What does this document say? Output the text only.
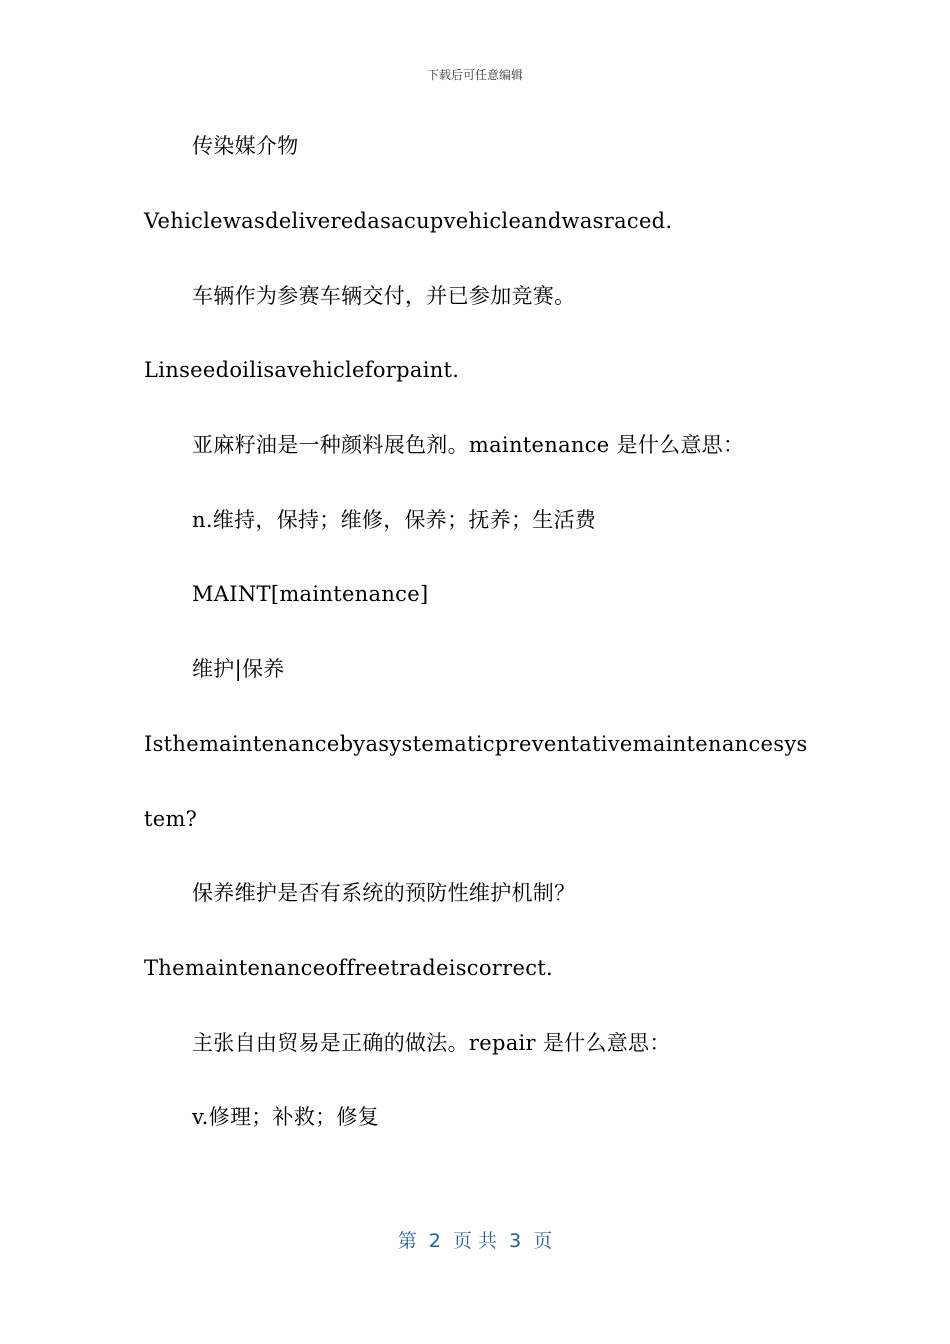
下载后可任意编辑
传染媒介物
Vehiclewasdeliveredasacupvehicleandwasraced.
车辆作为参赛车辆交付，并已参加竞赛。
Linseedoilisavehicleforpaint.
亚麻籽油是一种颜料展色剂。maintenance 是什么意思：
n.维持，保持；维修，保养；抚养；生活费
MAINT[maintenance]
维护|保养
Isthemaintenancebyasystematicpreventativemaintenancesys
tem?
保养维护是否有系统的预防性维护机制？
Themaintenanceoffreetradeiscorrect.
主张自由贸易是正确的做法。repair 是什么意思：
v.修理；补救；修复
第  2  页 共  3  页
